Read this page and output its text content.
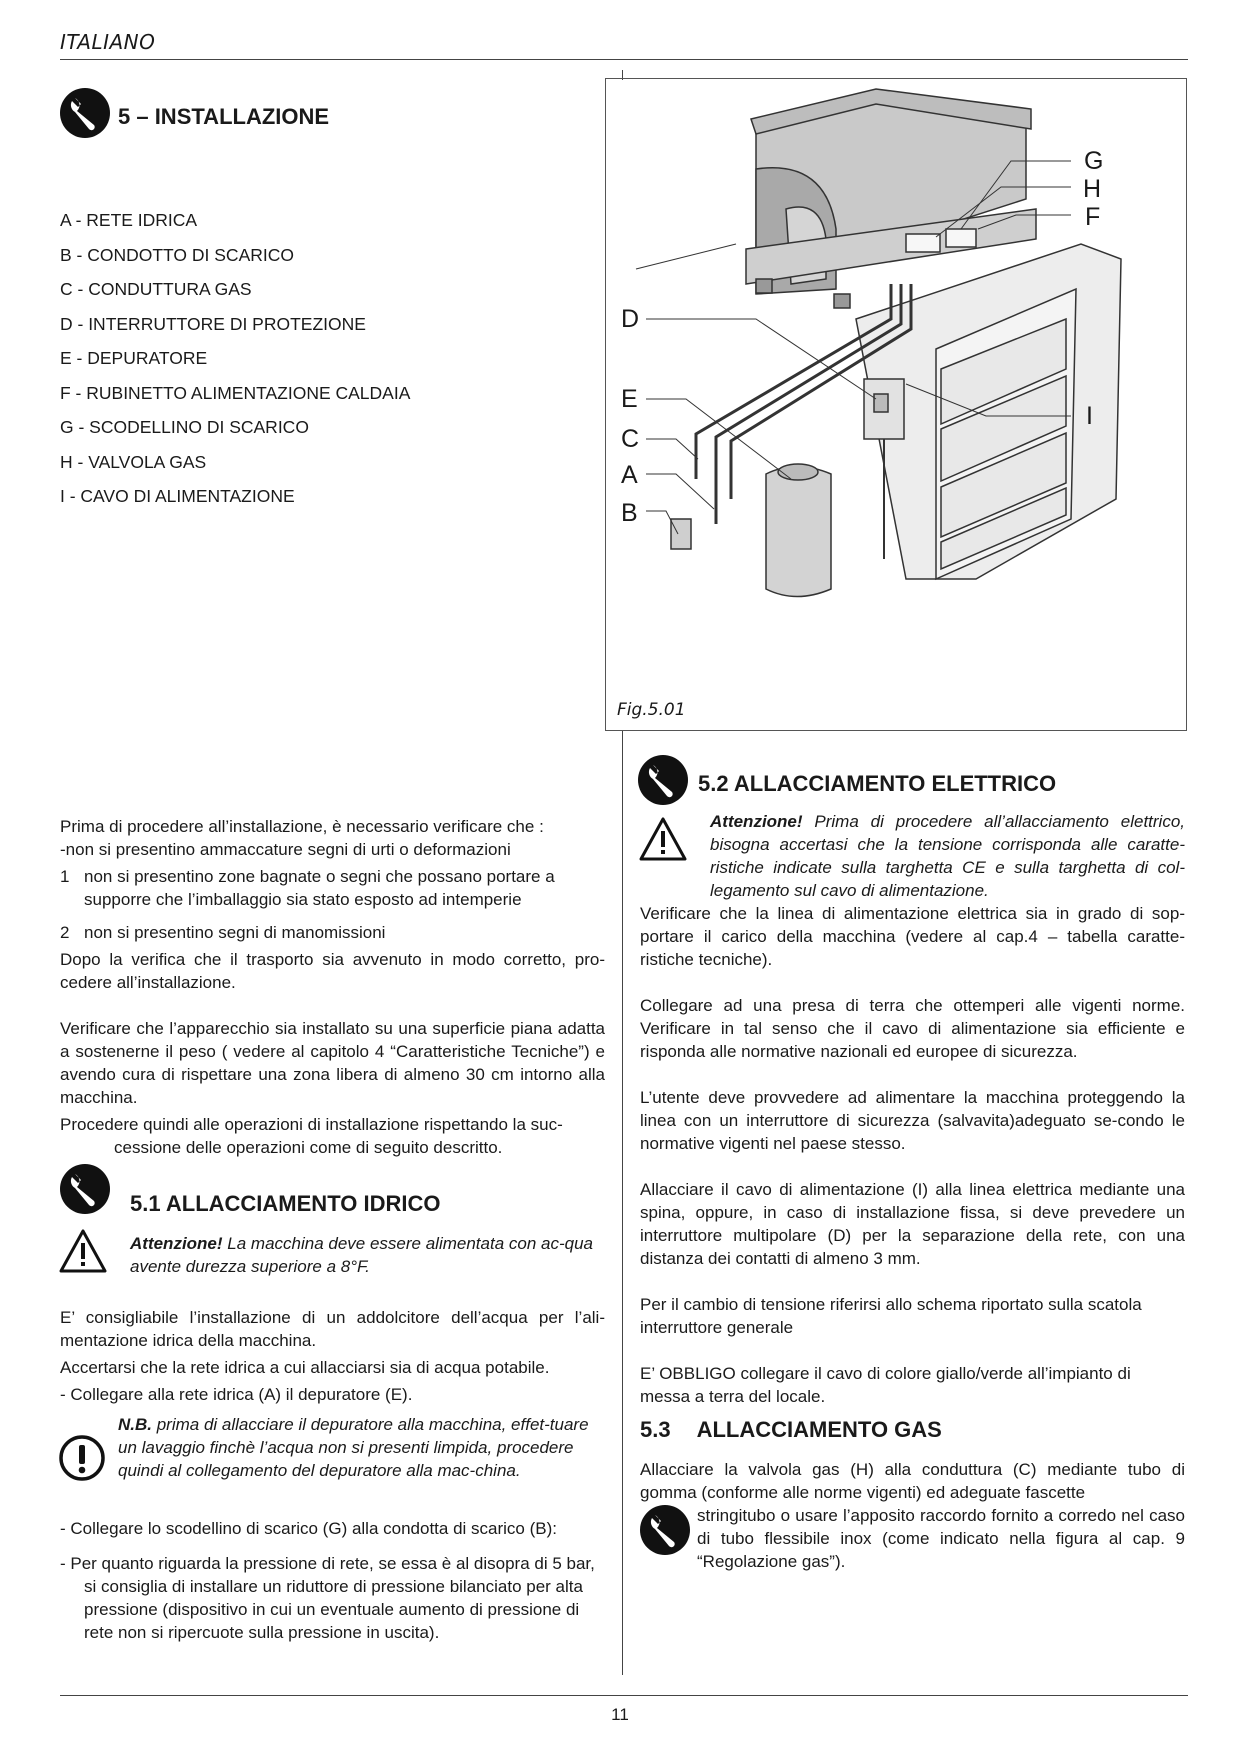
ITALIANO
5 – INSTALLAZIONE
A - RETE IDRICA
B - CONDOTTO DI SCARICO
C - CONDUTTURA GAS
D - INTERRUTTORE DI PROTEZIONE
E - DEPURATORE
F - RUBINETTO ALIMENTAZIONE CALDAIA
G - SCODELLINO DI SCARICO
H - VALVOLA GAS
I - CAVO DI ALIMENTAZIONE
G
H
F
D
E
C
A
B
I
Fig.5.01

Prima di procedere all’installazione, è necessario verificare che :

-non si presentino ammaccature segni di urti o deformazioni

1 non si presentino zone bagnate o segni che possano portare a supporre che l’imballaggio sia stato esposto ad intemperie
2 non si presentino segni di manomissioni

Dopo la verifica che il trasporto sia avvenuto in modo corretto, pro-cedere all’installazione.

Verificare che l’apparecchio sia installato su una superficie piana adatta a sostenerne il peso ( vedere al capitolo 4 “Caratteristiche Tecniche”) e avendo cura di rispettare una zona libera di almeno 30 cm intorno alla macchina.

Procedere quindi alle operazioni di installazione rispettando la suc-

cessione delle operazioni come di seguito descritto.

5.1 ALLACCIAMENTO IDRICO

Attenzione! La macchina deve essere alimentata con ac-qua avente durezza superiore a 8°F.

E’ consigliabile l’installazione di un addolcitore dell’acqua per l’ali-mentazione idrica della macchina.

Accertarsi che la rete idrica a cui allacciarsi sia di acqua potabile.

- Collegare alla rete idrica (A) il depuratore (E).

N.B. prima di allacciare il depuratore alla macchina, effet-tuare un lavaggio finchè l’acqua non si presenti limpida, procedere quindi al collegamento del depuratore alla mac-china.

- Collegare lo scodellino di scarico (G) alla condotta di scarico (B):

- Per quanto riguarda la pressione di rete, se essa è al disopra di 5 bar, si consiglia di installare un riduttore di pressione bilanciato per alta pressione (dispositivo in cui un eventuale aumento di pressione di rete non si ripercuote sulla pressione in uscita).

5.2 ALLACCIAMENTO ELETTRICO

Attenzione! Prima di procedere all’allacciamento elettrico, bisogna accertasi che la tensione corrisponda alle caratte-ristiche indicate sulla targhetta CE e sulla targhetta di col-legamento sul cavo di alimentazione.

Verificare che la linea di alimentazione elettrica sia in grado di sop-portare il carico della macchina (vedere al cap.4 – tabella caratte-ristiche tecniche).

Collegare ad una presa di terra che ottemperi alle vigenti norme. Verificare in tal senso che il cavo di alimentazione sia efficiente e risponda alle normative nazionali ed europee di sicurezza.

L’utente deve provvedere ad alimentare la macchina proteggendo la linea con un interruttore di sicurezza (salvavita)adeguato se-condo le normative vigenti nel paese stesso.

Allacciare il cavo di alimentazione (I) alla linea elettrica mediante una spina, oppure, in caso di installazione fissa, si deve prevedere un interruttore multipolare (D) per la separazione della rete, con una distanza dei contatti di almeno 3 mm.

Per il cambio di tensione riferirsi allo schema riportato sulla scatola interruttore generale

E’ OBBLIGO collegare il cavo di colore giallo/verde all’impianto di messa a terra del locale.

5.3 ALLACCIAMENTO GAS

Allacciare la valvola gas (H) alla conduttura (C) mediante tubo di gomma (conforme alle norme vigenti) ed adeguate fascette

stringitubo o usare l’apposito raccordo fornito a corredo nel caso di tubo flessibile inox (come indicato nella figura al cap. 9 “Regolazione gas”).

11
